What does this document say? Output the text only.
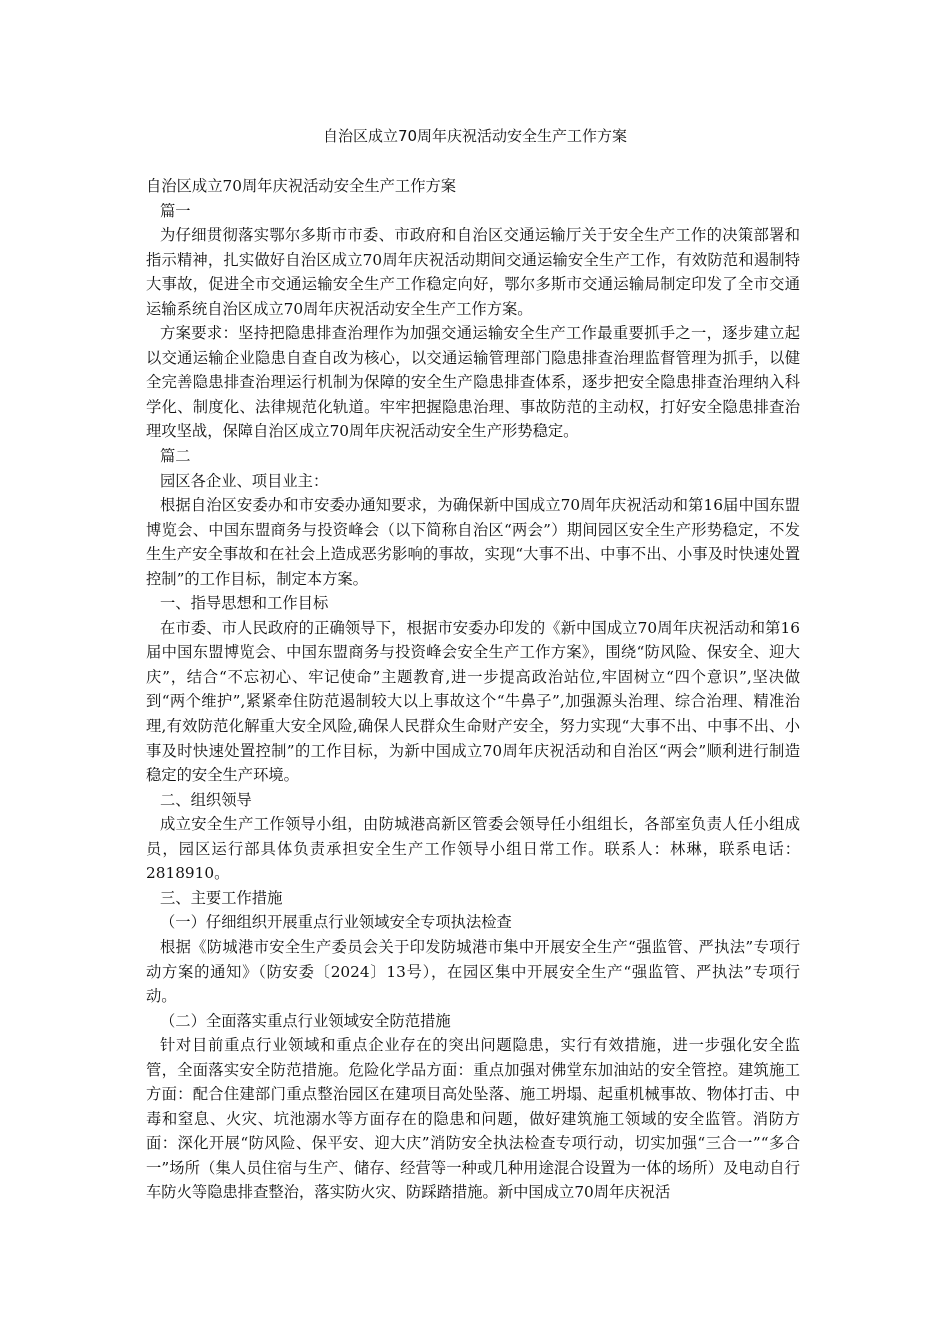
自治区成立70周年庆祝活动安全生产工作方案

自治区成立70周年庆祝活动安全生产工作方案

篇一

为仔细贯彻落实鄂尔多斯市市委、市政府和自治区交通运输厅关于安全生产工作的决策部署和指示精神，扎实做好自治区成立70周年庆祝活动期间交通运输安全生产工作，有效防范和遏制特大事故，促进全市交通运输安全生产工作稳定向好，鄂尔多斯市交通运输局制定印发了全市交通运输系统自治区成立70周年庆祝活动安全生产工作方案。

方案要求：坚持把隐患排查治理作为加强交通运输安全生产工作最重要抓手之一，逐步建立起以交通运输企业隐患自查自改为核心，以交通运输管理部门隐患排查治理监督管理为抓手，以健全完善隐患排查治理运行机制为保障的安全生产隐患排查体系，逐步把安全隐患排查治理纳入科学化、制度化、法律规范化轨道。牢牢把握隐患治理、事故防范的主动权，打好安全隐患排查治理攻坚战，保障自治区成立70周年庆祝活动安全生产形势稳定。

篇二

园区各企业、项目业主：

根据自治区安委办和市安委办通知要求，为确保新中国成立70周年庆祝活动和第16届中国东盟博览会、中国东盟商务与投资峰会（以下简称自治区“两会”）期间园区安全生产形势稳定，不发生生产安全事故和在社会上造成恶劣影响的事故，实现“大事不出、中事不出、小事及时快速处置控制”的工作目标，制定本方案。

一、指导思想和工作目标

在市委、市人民政府的正确领导下，根据市安委办印发的《新中国成立70周年庆祝活动和第16届中国东盟博览会、中国东盟商务与投资峰会安全生产工作方案》，围绕“防风险、保安全、迎大庆”，结合“不忘初心、牢记使命”主题教育,进一步提高政治站位,牢固树立“四个意识”,坚决做到“两个维护”,紧紧牵住防范遏制较大以上事故这个“牛鼻子”,加强源头治理、综合治理、精准治理,有效防范化解重大安全风险,确保人民群众生命财产安全，努力实现“大事不出、中事不出、小事及时快速处置控制”的工作目标，为新中国成立70周年庆祝活动和自治区“两会”顺利进行制造稳定的安全生产环境。

二、组织领导

成立安全生产工作领导小组，由防城港高新区管委会领导任小组组长，各部室负责人任小组成员，园区运行部具体负责承担安全生产工作领导小组日常工作。联系人：林琳，联系电话：2818910。

三、主要工作措施

（一）仔细组织开展重点行业领域安全专项执法检查

根据《防城港市安全生产委员会关于印发防城港市集中开展安全生产“强监管、严执法”专项行动方案的通知》（防安委〔2024〕13号），在园区集中开展安全生产“强监管、严执法”专项行动。

（二）全面落实重点行业领域安全防范措施

针对目前重点行业领域和重点企业存在的突出问题隐患，实行有效措施，进一步强化安全监管，全面落实安全防范措施。危险化学品方面：重点加强对佛堂东加油站的安全管控。建筑施工方面：配合住建部门重点整治园区在建项目高处坠落、施工坍塌、起重机械事故、物体打击、中毒和窒息、火灾、坑池溺水等方面存在的隐患和问题，做好建筑施工领域的安全监管。消防方面：深化开展“防风险、保平安、迎大庆”消防安全执法检查专项行动，切实加强“三合一”“多合一”场所（集人员住宿与生产、储存、经营等一种或几种用途混合设置为一体的场所）及电动自行车防火等隐患排查整治，落实防火灾、防踩踏措施。新中国成立70周年庆祝活
